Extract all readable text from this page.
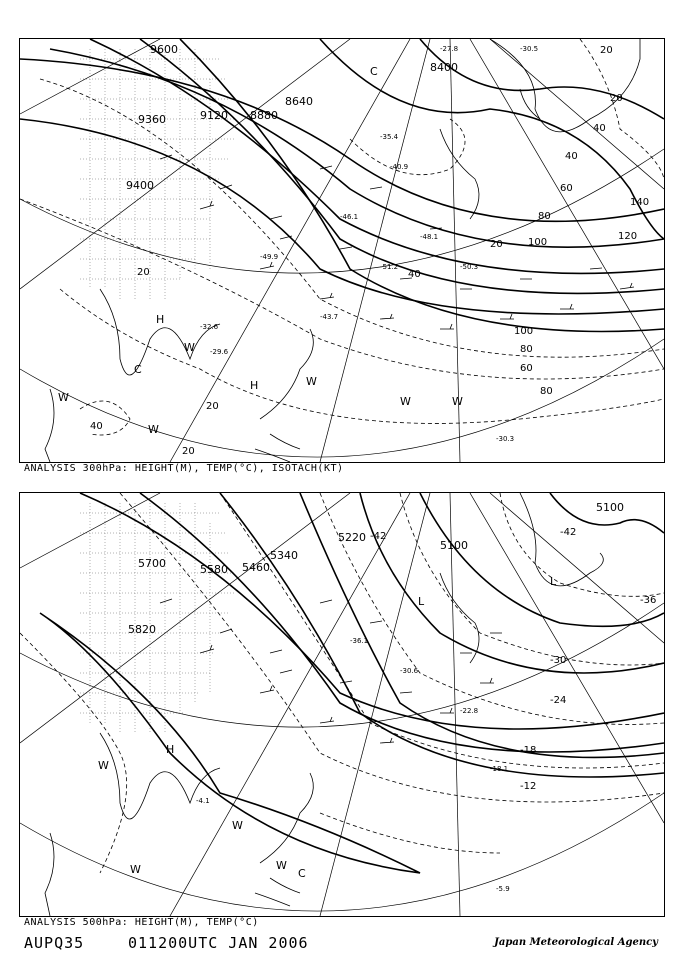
9600
9360	9120 8880
8640
8400
9400
20
20
20
40
40
60
80
100
120
140
20
40
60
80
100
80
40
20
20
-27.8	-30.5
-35.4
-40.9
-46.1
-48.1
-49.9
-51.2	-50.3
-43.7
-32.6
-29.6
-30.3
C
C
H
H
W
W
W
W
W	W
ANALYSIS 300hPa: HEIGHT(M), TEMP(°C), ISOTACH(KT)
5700	5580 5460
5340
5220
5100
5100
5820
-42
-36
-30
-24
-18
-12
-42
-18.1
-22.8
-30.6
-36.1
-5.9
-4.1
L
L
H
C
W
W
W
W
ANALYSIS 500hPa: HEIGHT(M), TEMP(°C)
AUPQ35	011200UTC JAN 2006	Japan Meteorological Agency
